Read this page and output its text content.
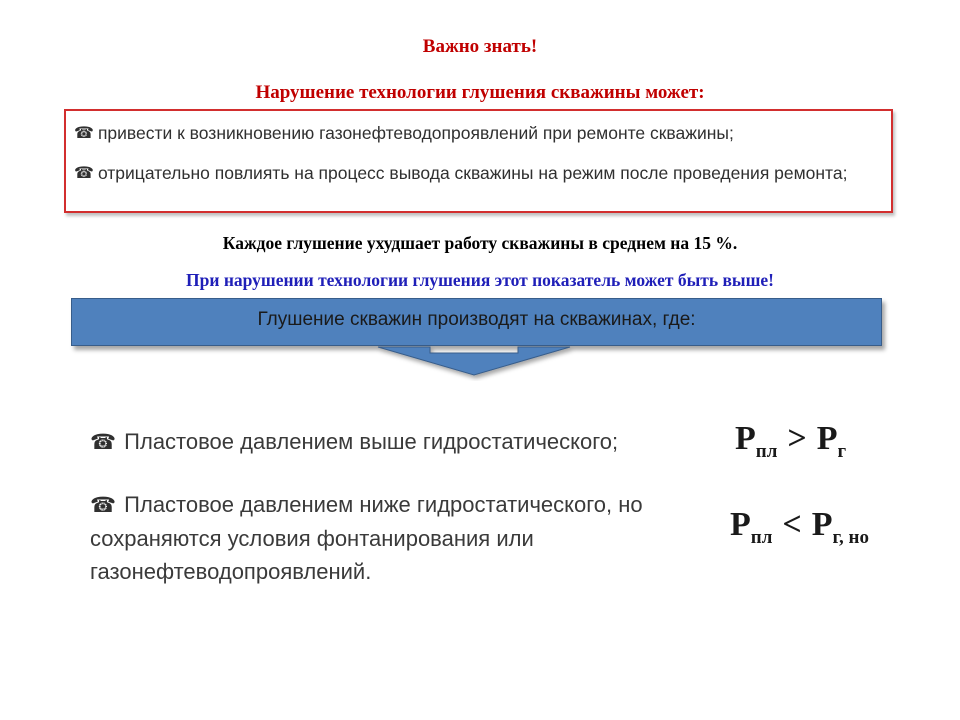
Важно знать!
Нарушение технологии глушения скважины может:
☎ привести к возникновению газонефтеводопроявлений при ремонте скважины;
☎ отрицательно повлиять на процесс вывода скважины на режим после проведения ремонта;
Каждое глушение ухудшает работу скважины в среднем на 15 %.
При нарушении технологии глушения этот показатель может быть выше!
Глушение скважин производят на скважинах, где:
☎ Пластовое давлением выше гидростатического;
☎ Пластовое давлением ниже гидростатического, но сохраняются условия фонтанирования или газонефтеводопроявлений.
$P_{пл} > P_г$
$P_{пл} < P_{г, но}$
